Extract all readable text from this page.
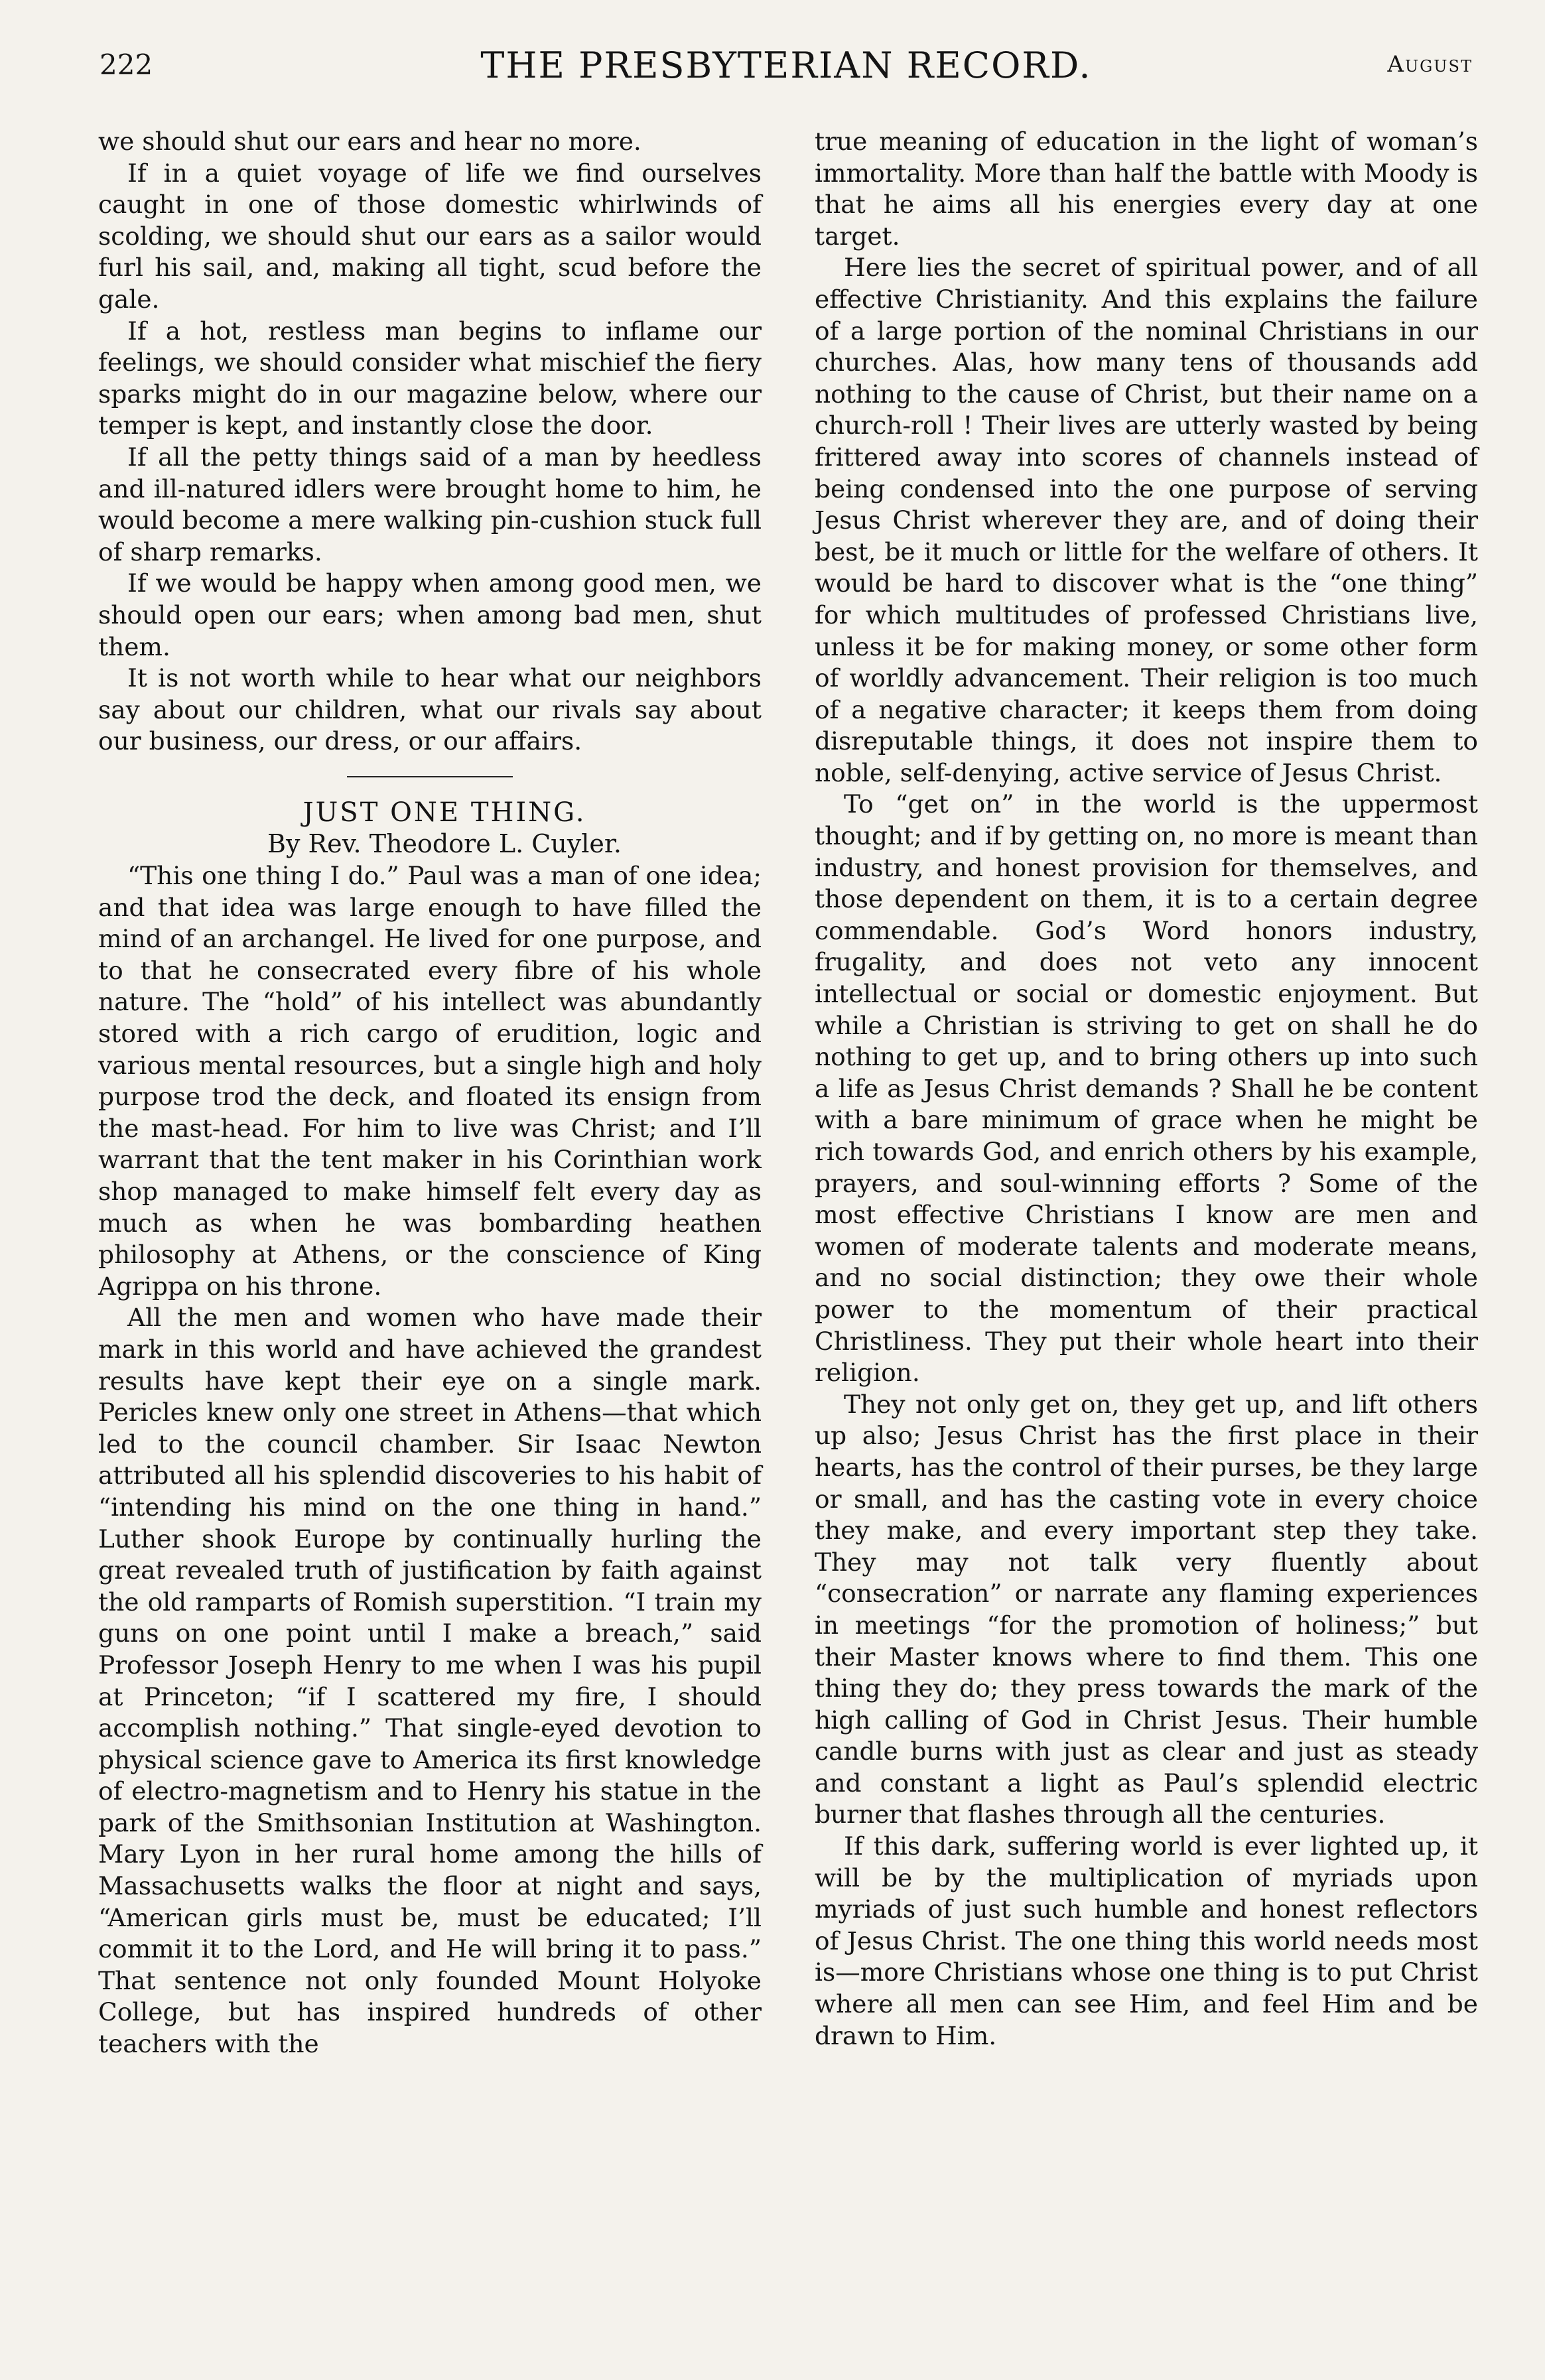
222	THE PRESBYTERIAN RECORD.	August

we should shut our ears and hear no more.

If in a quiet voyage of life we find ourselves caught in one of those domestic whirlwinds of scolding, we should shut our ears as a sailor would furl his sail, and, making all tight, scud before the gale.

If a hot, restless man begins to inflame our feelings, we should consider what mischief the fiery sparks might do in our magazine below, where our temper is kept, and instantly close the door.

If all the petty things said of a man by heedless and ill-natured idlers were brought home to him, he would become a mere walking pin-cushion stuck full of sharp remarks.

If we would be happy when among good men, we should open our ears; when among bad men, shut them.

It is not worth while to hear what our neighbors say about our children, what our rivals say about our business, our dress, or our affairs.

JUST ONE THING.

By Rev. Theodore L. Cuyler.

“This one thing I do.” Paul was a man of one idea; and that idea was large enough to have filled the mind of an archangel. He lived for one purpose, and to that he consecrated every fibre of his whole nature. The “hold” of his intellect was abundantly stored with a rich cargo of erudition, logic and various mental resources, but a single high and holy purpose trod the deck, and floated its ensign from the mast-head. For him to live was Christ; and I’ll warrant that the tent maker in his Corinthian work shop managed to make himself felt every day as much as when he was bombarding heathen philosophy at Athens, or the conscience of King Agrippa on his throne.

All the men and women who have made their mark in this world and have achieved the grandest results have kept their eye on a single mark. Pericles knew only one street in Athens—that which led to the council chamber. Sir Isaac Newton attributed all his splendid discoveries to his habit of “intending his mind on the one thing in hand.” Luther shook Europe by continually hurling the great revealed truth of justification by faith against the old ramparts of Romish superstition. “I train my guns on one point until I make a breach,” said Professor Joseph Henry to me when I was his pupil at Princeton; “if I scattered my fire, I should accomplish nothing.” That single-eyed devotion to physical science gave to America its first knowledge of electro-magnetism and to Henry his statue in the park of the Smithsonian Institution at Washington. Mary Lyon in her rural home among the hills of Massachusetts walks the floor at night and says, “American girls must be, must be educated; I’ll commit it to the Lord, and He will bring it to pass.” That sentence not only founded Mount Holyoke College, but has inspired hundreds of other teachers with the

true meaning of education in the light of woman’s immortality. More than half the battle with Moody is that he aims all his energies every day at one target.

Here lies the secret of spiritual power, and of all effective Christianity. And this explains the failure of a large portion of the nominal Christians in our churches. Alas, how many tens of thousands add nothing to the cause of Christ, but their name on a church-roll ! Their lives are utterly wasted by being frittered away into scores of channels instead of being condensed into the one purpose of serving Jesus Christ wherever they are, and of doing their best, be it much or little for the welfare of others. It would be hard to discover what is the “one thing” for which multitudes of professed Christians live, unless it be for making money, or some other form of worldly advancement. Their religion is too much of a negative character; it keeps them from doing disreputable things, it does not inspire them to noble, self-denying, active service of Jesus Christ.

To “get on” in the world is the uppermost thought; and if by getting on, no more is meant than industry, and honest provision for themselves, and those dependent on them, it is to a certain degree commendable. God’s Word honors industry, frugality, and does not veto any innocent intellectual or social or domestic enjoyment. But while a Christian is striving to get on shall he do nothing to get up, and to bring others up into such a life as Jesus Christ demands ? Shall he be content with a bare minimum of grace when he might be rich towards God, and enrich others by his example, prayers, and soul-winning efforts ? Some of the most effective Christians I know are men and women of moderate talents and moderate means, and no social distinction; they owe their whole power to the momentum of their practical Christliness. They put their whole heart into their religion.

They not only get on, they get up, and lift others up also; Jesus Christ has the first place in their hearts, has the control of their purses, be they large or small, and has the casting vote in every choice they make, and every important step they take. They may not talk very fluently about “consecration” or narrate any flaming experiences in meetings “for the promotion of holiness;” but their Master knows where to find them. This one thing they do; they press towards the mark of the high calling of God in Christ Jesus. Their humble candle burns with just as clear and just as steady and constant a light as Paul’s splendid electric burner that flashes through all the centuries.

If this dark, suffering world is ever lighted up, it will be by the multiplication of myriads upon myriads of just such humble and honest reflectors of Jesus Christ. The one thing this world needs most is—more Christians whose one thing is to put Christ where all men can see Him, and feel Him and be drawn to Him.
